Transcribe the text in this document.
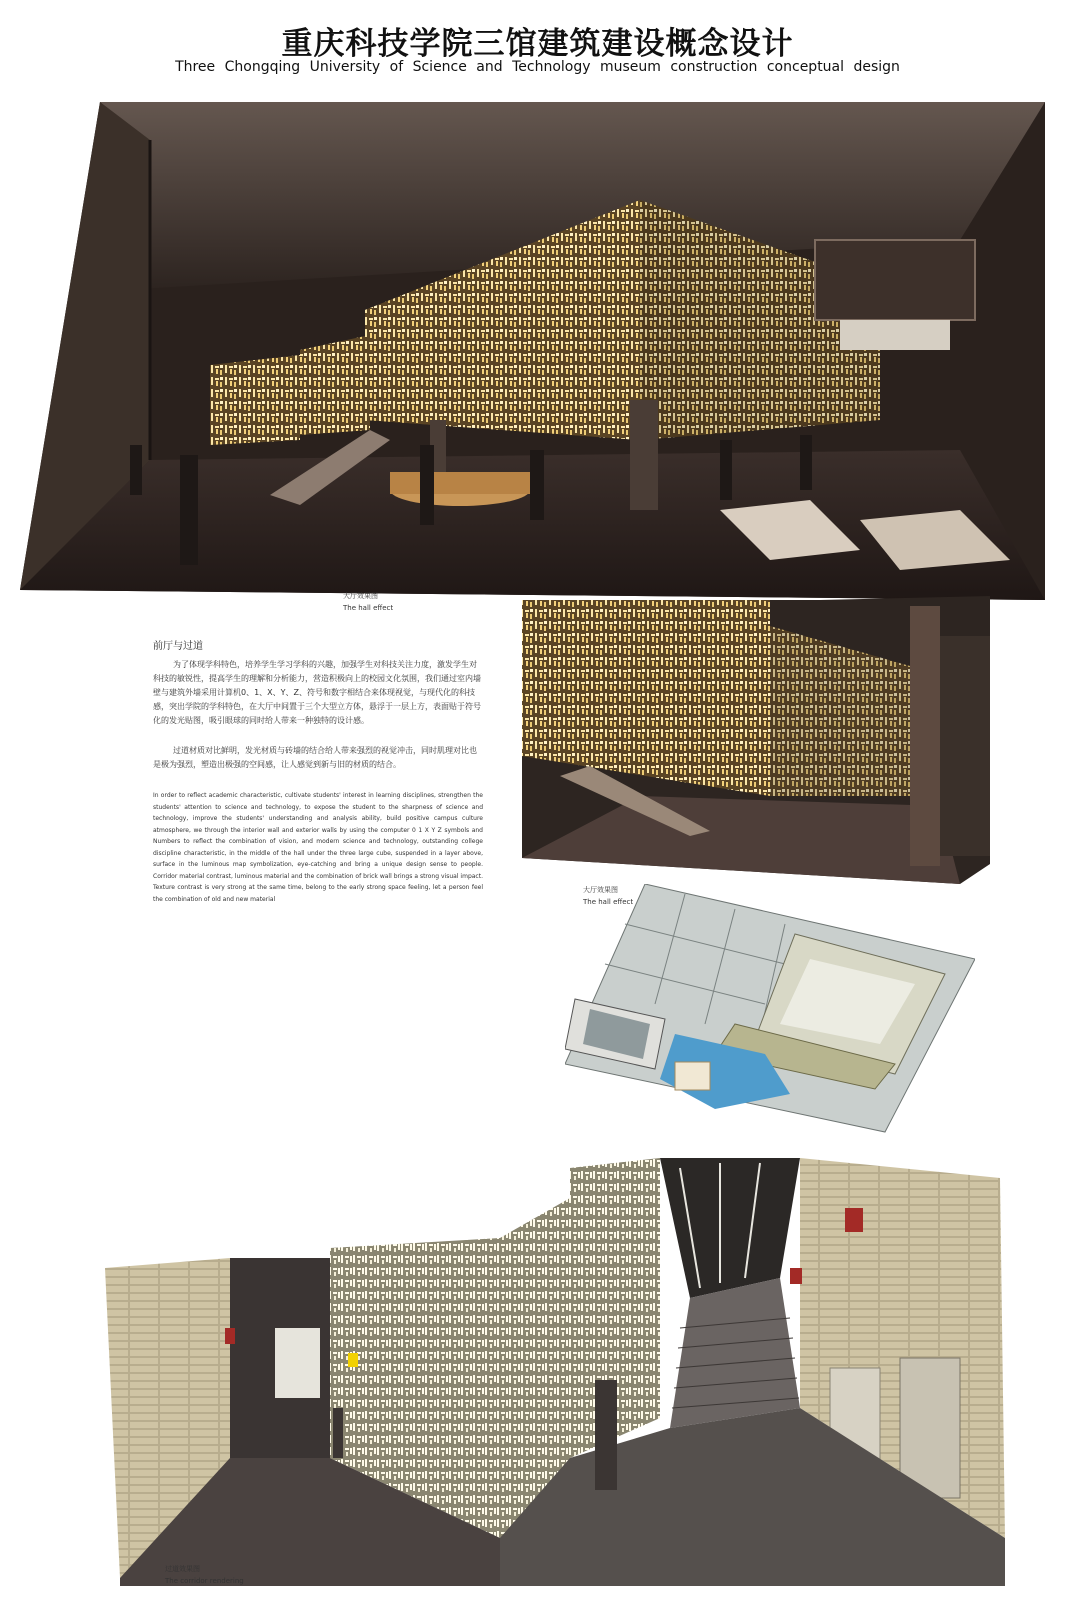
重庆科技学院三馆建筑建设概念设计
Three Chongqing University of Science and Technology museum construction conceptual design
大厅效果图
The hall effect
前厅与过道

为了体现学科特色，培养学生学习学科的兴趣，加强学生对科技关注力度，激发学生对科技的敏锐性，提高学生的理解和分析能力，营造积极向上的校园文化氛围，我们通过室内墙壁与建筑外墙采用计算机0、1、X、Y、Z、符号和数字相结合来体现视觉，与现代化的科技感，突出学院的学科特色，在大厅中间置于三个大型立方体，悬浮于一层上方，表面贴于符号化的发光贴图，吸引眼球的同时给人带来一种独特的设计感。

过道材质对比鲜明，发光材质与砖墙的结合给人带来强烈的视觉冲击，同时肌理对比也是极为强烈，塑造出极强的空间感，让人感觉到新与旧的材质的结合。

In order to reflect academic characteristic, cultivate students' interest in learning disciplines, strengthen the students' attention to science and technology, to expose the student to the sharpness of science and technology, improve the students' understanding and analysis ability, build positive campus culture atmosphere, we through the interior wall and exterior walls by using the computer 0 1 X Y Z symbols and Numbers to reflect the combination of vision, and modern science and technology, outstanding college discipline characteristic, in the middle of the hall under the three large cube, suspended in a layer above, surface in the luminous map symbolization, eye-catching and bring a unique design sense to people. Corridor material contrast, luminous material and the combination of brick wall brings a strong visual impact. Texture contrast is very strong at the same time, belong to the early strong space feeling, let a person feel the combination of old and new material

大厅效果图
The hall effect
过道效果图
The corridor rendering
